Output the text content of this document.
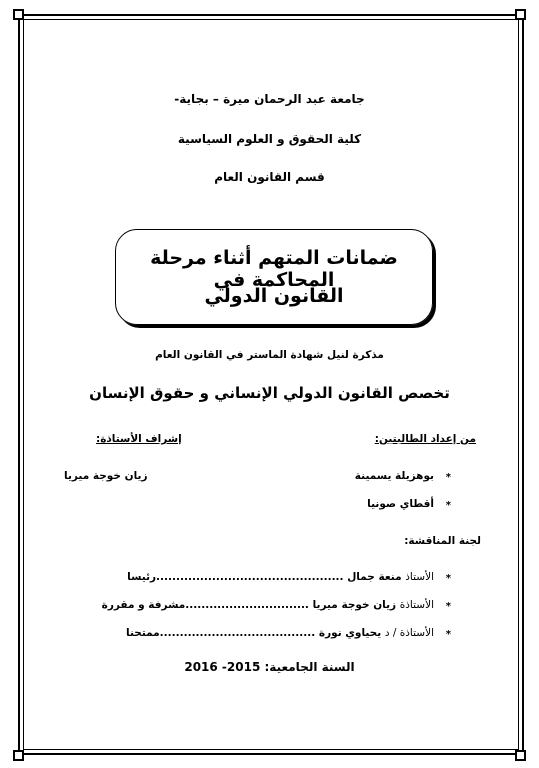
جامعة عبد الرحمان ميرة – بجاية-
كلية الحقوق و العلوم السياسية
قسم القانون العام
ضمانات المتهم أثناء مرحلة المحاكمة في
القانون الدولي
مذكرة لنيل شهادة الماستر في القانون العام
تخصص القانون الدولي الإنساني و حقوق الإنسان
من إعداد الطالبتين:
إشراف الأستاذة:
*
بوهزيلة يسمينة
زيان خوجة ميريا
*
أقطاي صونيا
لجنة المناقشة:
*
الأستاذ منعة جمال ...............................................رئيسا
*
الأستاذة زيان خوجة ميريا ...............................مشرفة و مقررة
*
الأستاذة / د يحياوي نورة .......................................ممتحنا
السنة الجامعية: 2015- 2016
